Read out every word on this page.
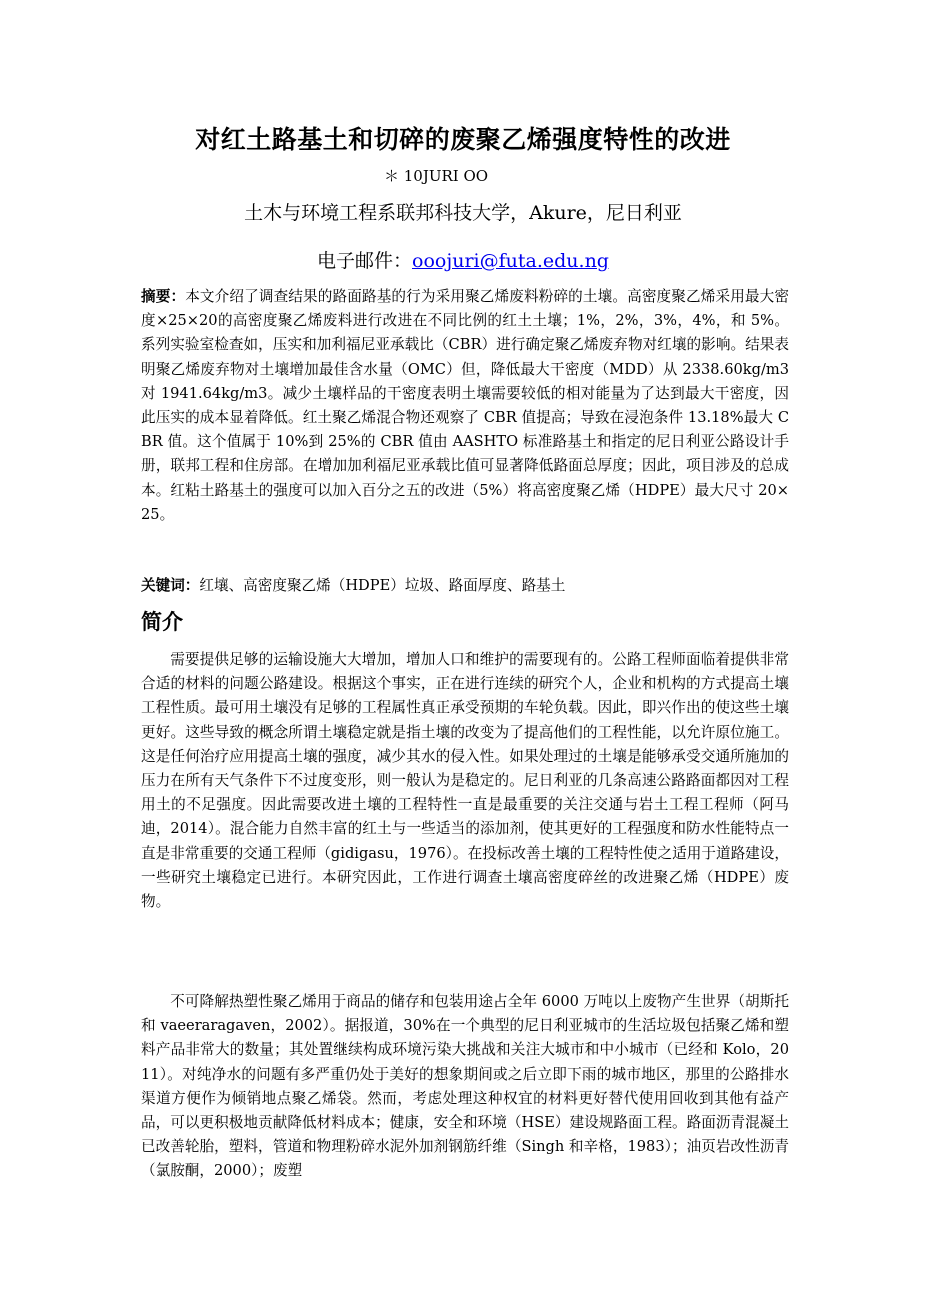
对红土路基土和切碎的废聚乙烯强度特性的改进
＊ 10JURI OO
土木与环境工程系联邦科技大学，Akure，尼日利亚
电子邮件：ooojuri@futa.edu.ng

摘要：本文介绍了调查结果的路面路基的行为采用聚乙烯废料粉碎的土壤。高密度聚乙烯采用最大密度×25×20的高密度聚乙烯废料进行改进在不同比例的红土土壤；1%，2%，3%，4%，和 5%。系列实验室检查如，压实和加利福尼亚承载比（CBR）进行确定聚乙烯废弃物对红壤的影响。结果表明聚乙烯废弃物对土壤增加最佳含水量（OMC）但，降低最大干密度（MDD）从 2338.60kg/m3 对 1941.64kg/m3。减少土壤样品的干密度表明土壤需要较低的相对能量为了达到最大干密度，因此压实的成本显着降低。红土聚乙烯混合物还观察了 CBR 值提高；导致在浸泡条件 13.18%最大 CBR 值。这个值属于 10%到 25%的 CBR 值由 AASHTO 标准路基土和指定的尼日利亚公路设计手册，联邦工程和住房部。在增加加利福尼亚承载比值可显著降低路面总厚度；因此，项目涉及的总成本。红粘土路基土的强度可以加入百分之五的改进（5%）将高密度聚乙烯（HDPE）最大尺寸 20×25。

关键词：红壤、高密度聚乙烯（HDPE）垃圾、路面厚度、路基土

简介

需要提供足够的运输设施大大增加，增加人口和维护的需要现有的。公路工程师面临着提供非常合适的材料的问题公路建设。根据这个事实，正在进行连续的研究个人，企业和机构的方式提高土壤工程性质。最可用土壤没有足够的工程属性真正承受预期的车轮负载。因此，即兴作出的使这些土壤更好。这些导致的概念所谓土壤稳定就是指土壤的改变为了提高他们的工程性能，以允许原位施工。这是任何治疗应用提高土壤的强度，减少其水的侵入性。如果处理过的土壤是能够承受交通所施加的压力在所有天气条件下不过度变形，则一般认为是稳定的。尼日利亚的几条高速公路路面都因对工程用土的不足强度。因此需要改进土壤的工程特性一直是最重要的关注交通与岩土工程工程师（阿马迪，2014）。混合能力自然丰富的红土与一些适当的添加剂，使其更好的工程强度和防水性能特点一直是非常重要的交通工程师（gidigasu，1976）。在投标改善土壤的工程特性使之适用于道路建设，一些研究土壤稳定已进行。本研究因此，工作进行调查土壤高密度碎丝的改进聚乙烯（HDPE）废物。

不可降解热塑性聚乙烯用于商品的储存和包装用途占全年 6000 万吨以上废物产生世界（胡斯托和 vaeeraragaven，2002）。据报道，30%在一个典型的尼日利亚城市的生活垃圾包括聚乙烯和塑料产品非常大的数量；其处置继续构成环境污染大挑战和关注大城市和中小城市（已经和 Kolo，2011）。对纯净水的问题有多严重仍处于美好的想象期间或之后立即下雨的城市地区，那里的公路排水渠道方便作为倾销地点聚乙烯袋。然而，考虑处理这种权宜的材料更好替代使用回收到其他有益产品，可以更积极地贡献降低材料成本；健康，安全和环境（HSE）建设规路面工程。路面沥青混凝土已改善轮胎，塑料，管道和物理粉碎水泥外加剂钢筋纤维（Singh 和辛格，1983）；油页岩改性沥青（氯胺酮，2000）；废塑
